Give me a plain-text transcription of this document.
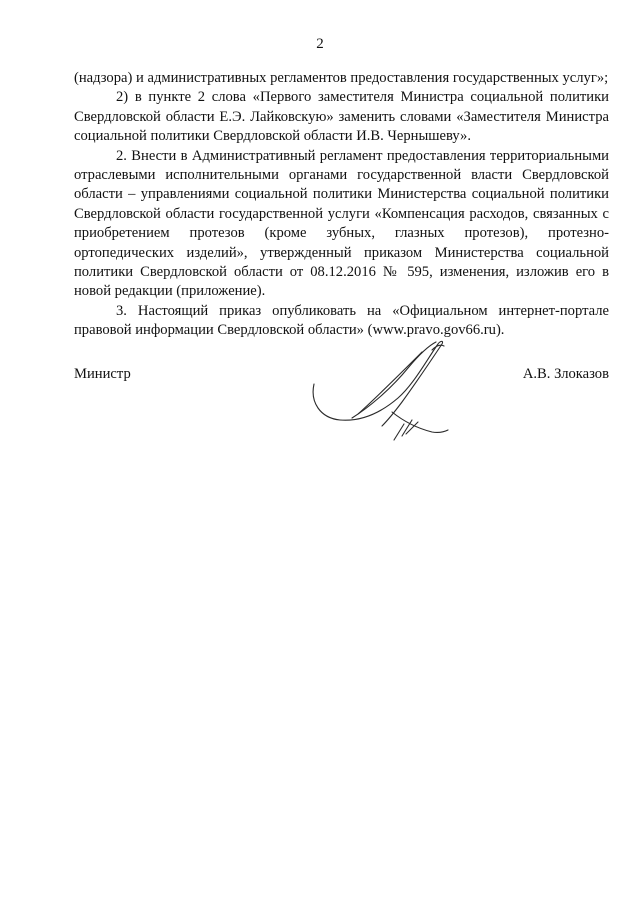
2

(надзора) и административных регламентов предоставления государственных услуг»;

2) в пункте 2 слова «Первого заместителя Министра социальной политики Свердловской области Е.Э. Лайковскую» заменить словами «Заместителя Министра социальной политики Свердловской области И.В. Чернышеву».

2. Внести в Административный регламент предоставления территориальными отраслевыми исполнительными органами государственной власти Свердловской области – управлениями социальной политики Министерства социальной политики Свердловской области государственной услуги «Компенсация расходов, связанных с приобретением протезов (кроме зубных, глазных протезов), протезно-ортопедических изделий», утвержденный приказом Министерства социальной политики Свердловской области от 08.12.2016 № 595, изменения, изложив его в новой редакции (приложение).

3. Настоящий приказ опубликовать на «Официальном интернет-портале правовой информации Свердловской области» (www.pravo.gov66.ru).

Министр	А.В. Злоказов
